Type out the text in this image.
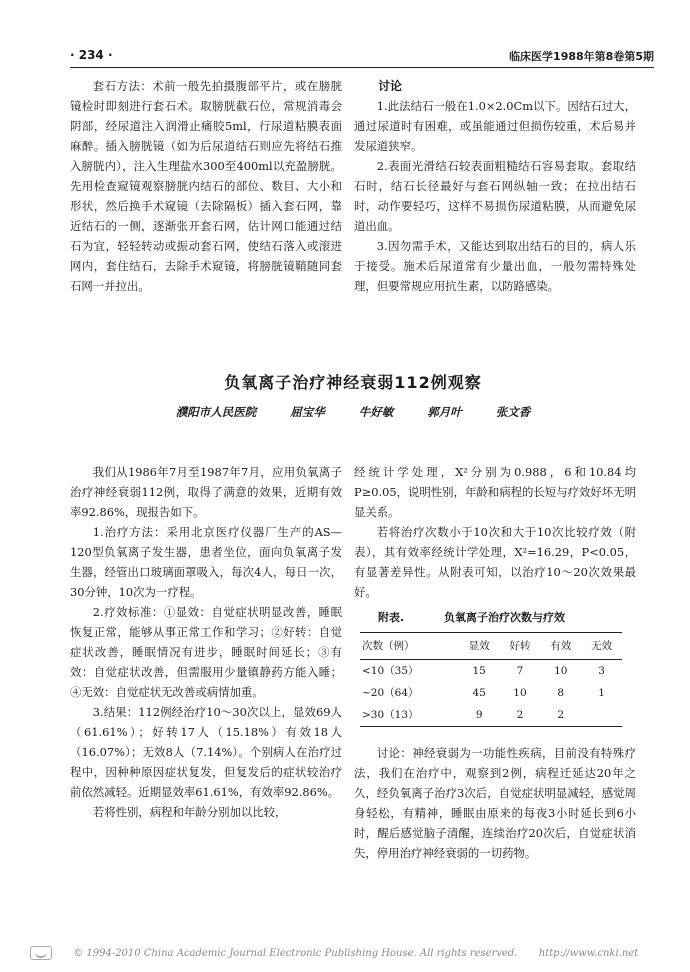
· 234 ·	临床医学1988年第8卷第5期

套石方法：术前一般先拍摄腹部平片，或在膀胱镜检时即刻进行套石术。取膀胱截石位，常规消毒会阴部，经尿道注入润滑止痛胶5ml，行尿道粘膜表面麻醉。插入膀胱镜（如为后尿道结石则应先将结石推入膀胱内），注入生理盐水300至400ml以充盈膀胱。先用检查窥镜观察膀胱内结石的部位、数目、大小和形状，然后换手术窥镜（去除隔板）插入套石网，靠近结石的一侧，逐渐张开套石网，估计网口能通过结石为宜，轻轻转动或振动套石网，使结石落入或滚进网内，套住结石，去除手术窥镜，将膀胱镜鞘随同套石网一并拉出。

讨论

1.此法结石一般在1.0×2.0Cm以下。因结石过大，通过尿道时有困难，或虽能通过但损伤较重，术后易并发尿道狭窄。

2.表面光滑结石较表面粗糙结石容易套取。套取结石时，结石长径最好与套石网纵轴一致；在拉出结石时，动作要轻巧，这样不易损伤尿道粘膜，从而避免尿道出血。

3.因勿需手术，又能达到取出结石的目的，病人乐于接受。施术后尿道常有少量出血，一般勿需特殊处理，但要常规应用抗生素，以防路感染。

负氧离子治疗神经衰弱112例观察
濮阳市人民医院	屈宝华	牛好敏	郭月叶	张文香

我们从1986年7月至1987年7月，应用负氧离子治疗神经衰弱112例，取得了满意的效果，近期有效率92.86%，现报告如下。

1.治疗方法：采用北京医疗仪器厂生产的AS—120型负氧离子发生器，患者坐位，面向负氧离子发生器，经管出口玻璃面罩吸入，每次4人，每日一次，30分钟，10次为一疗程。

2.疗效标准：①显效：自觉症状明显改善，睡眠恢复正常，能够从事正常工作和学习；②好转：自觉症状改善，睡眠情况有进步，睡眠时间延长；③有效：自觉症状改善，但需服用少量镇静药方能入睡；④无效：自觉症状无改善或病情加重。

3.结果：112例经治疗10～30次以上，显效69人（61.61%）；好转17人（15.18%）有效18人（16.07%）；无效8人（7.14%）。个别病人在治疗过程中，因种种原因症状复发，但复发后的症状较治疗前依然减轻。近期显效率61.61%，有效率92.86%。

若将性别，病程和年龄分别加以比较，

经统计学处理，X²分别为0.988，6和10.84均P≥0.05，说明性别，年龄和病程的长短与疗效好坏无明显关系。

若将治疗次数小于10次和大于10次比较疗效（附表），其有效率经统计学处理，X²=16.29，P<0.05，有显著差异性。从附表可知，以治疗10～20次效果最好。

附表.	负氧离子治疗次数与疗效
次数（例）	显效	好转	有效	无效
<10（35）	15	7	10	3
~20（64）	45	10	8	1
>30（13）	9	2	2	

讨论：神经衰弱为一功能性疾病，目前没有特殊疗法，我们在治疗中，观察到2例，病程迁延达20年之久，经负氧离子治疗3次后，自觉症状明显减轻，感觉周身轻松，有精神，睡眠由原来的每夜3小时延长到6小时，醒后感觉脑子清醒，连续治疗20次后，自觉症状消失，停用治疗神经衰弱的一切药物。

© 1994-2010 China Academic Journal Electronic Publishing House. All rights reserved. http://www.cnki.net
